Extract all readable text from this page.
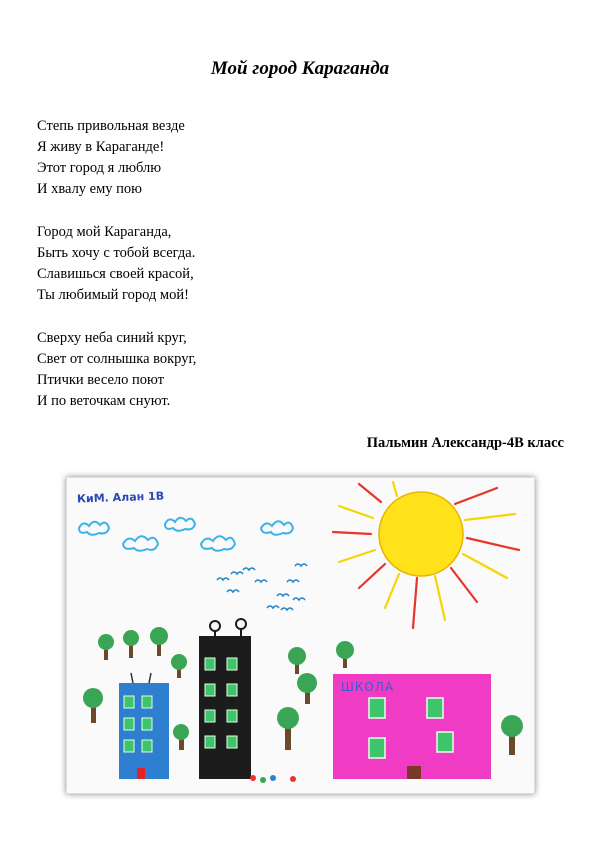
Мой город Караганда
Степь привольная везде
Я живу в Караганде!
Этот город я люблю
И хвалу ему пою
Город мой Караганда,
Быть хочу с тобой всегда.
Славишься своей красой,
Ты любимый город мой!
Сверху неба синий круг,
Свет от солнышка вокруг,
Птички весело поют
И по веточкам снуют.
Пальмин Александр-4В класс
КиМ. Алан 1В
ШКОЛА
